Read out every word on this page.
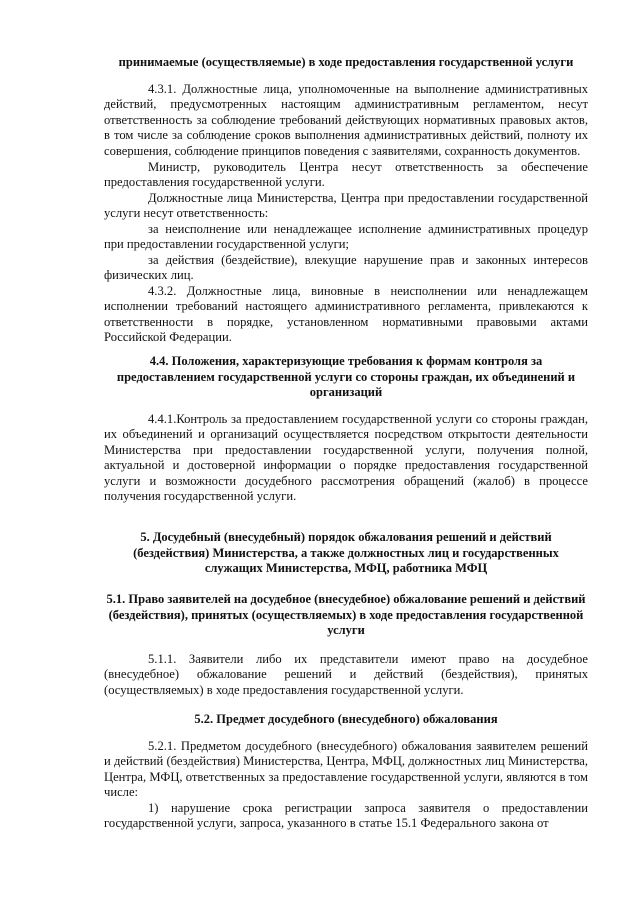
принимаемые (осуществляемые) в ходе предоставления государственной услуги

4.3.1. Должностные лица, уполномоченные на выполнение административных действий, предусмотренных настоящим административным регламентом, несут ответственность за соблюдение требований действующих нормативных правовых актов, в том числе за соблюдение сроков выполнения административных действий, полноту их совершения, соблюдение принципов поведения с заявителями, сохранность документов.

Министр, руководитель Центра несут ответственность за обеспечение предоставления государственной услуги.

Должностные лица Министерства, Центра при предоставлении государственной услуги несут ответственность:

за неисполнение или ненадлежащее исполнение административных процедур при предоставлении государственной услуги;

за действия (бездействие), влекущие нарушение прав и законных интересов физических лиц.

4.3.2. Должностные лица, виновные в неисполнении или ненадлежащем исполнении требований настоящего административного регламента, привлекаются к ответственности в порядке, установленном нормативными правовыми актами Российской Федерации.

4.4. Положения, характеризующие требования к формам контроля за предоставлением государственной услуги со стороны граждан, их объединений и организаций

4.4.1.Контроль за предоставлением государственной услуги со стороны граждан, их объединений и организаций осуществляется посредством открытости деятельности Министерства при предоставлении государственной услуги, получения полной, актуальной и достоверной информации о порядке предоставления государственной услуги и возможности досудебного рассмотрения обращений (жалоб) в процессе получения государственной услуги.

5. Досудебный (внесудебный) порядок обжалования решений и действий (бездействия) Министерства, а также должностных лиц и государственных служащих Министерства, МФЦ, работника МФЦ

5.1. Право заявителей на досудебное (внесудебное) обжалование решений и действий (бездействия), принятых (осуществляемых) в ходе предоставления государственной услуги

5.1.1. Заявители либо их представители имеют право на досудебное (внесудебное) обжалование решений и действий (бездействия), принятых (осуществляемых) в ходе предоставления государственной услуги.

5.2. Предмет досудебного (внесудебного) обжалования

5.2.1. Предметом досудебного (внесудебного) обжалования заявителем решений и действий (бездействия) Министерства, Центра, МФЦ, должностных лиц Министерства, Центра, МФЦ, ответственных за предоставление государственной услуги, являются в том числе:

1) нарушение срока регистрации запроса заявителя о предоставлении государственной услуги, запроса, указанного в статье 15.1 Федерального закона от
